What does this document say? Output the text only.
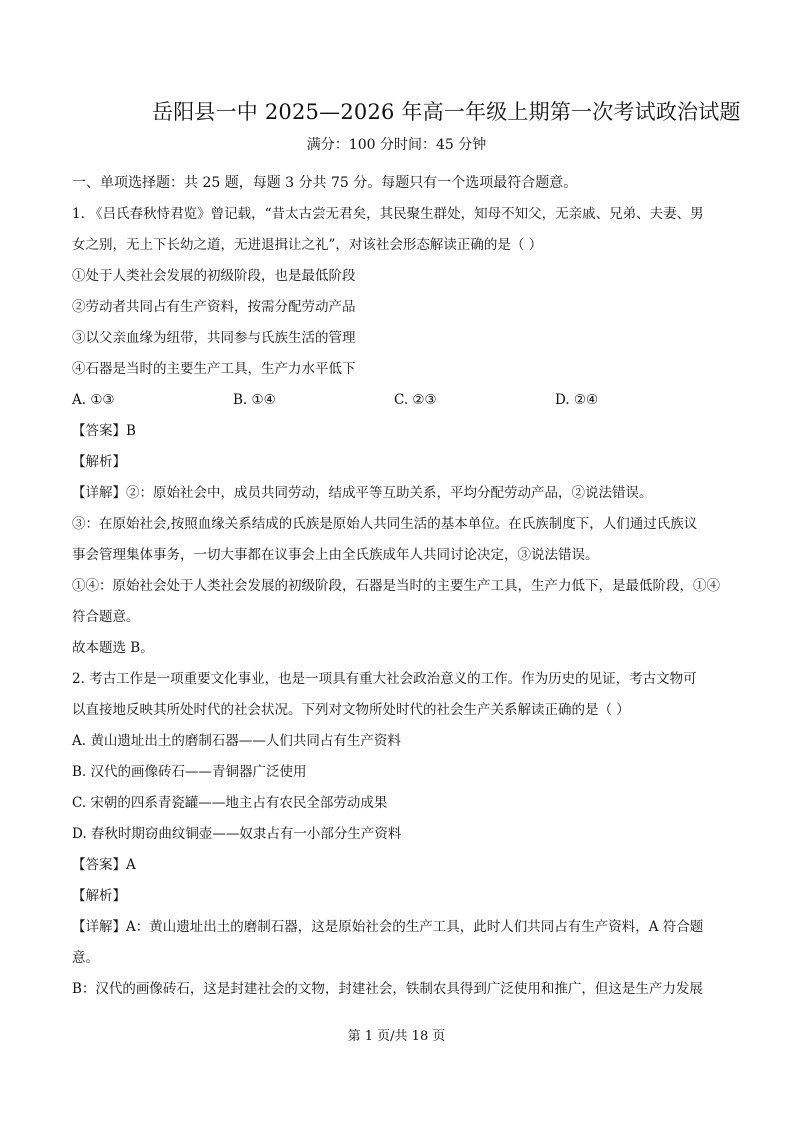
岳阳县一中 2025—2026 年高一年级上期第一次考试政治试题
满分：100 分时间：45 分钟
一、单项选择题：共 25 题，每题 3 分共 75 分。每题只有一个选项最符合题意。
1. 《吕氏春秋恃君览》曾记载，“昔太古尝无君矣，其民聚生群处，知母不知父，无亲戚、兄弟、夫妻、男
女之别，无上下长幼之道，无进退揖让之礼”，对该社会形态解读正确的是（ ）
①处于人类社会发展的初级阶段，也是最低阶段
②劳动者共同占有生产资料，按需分配劳动产品
③以父亲血缘为纽带，共同参与氏族生活的管理
④石器是当时的主要生产工具，生产力水平低下
A. ①③	B. ①④	C. ②③	D. ②④
【答案】B
【解析】
【详解】②：原始社会中，成员共同劳动，结成平等互助关系，平均分配劳动产品，②说法错误。
③：在原始社会,按照血缘关系结成的氏族是原始人共同生活的基本单位。在氏族制度下，人们通过氏族议
事会管理集体事务，一切大事都在议事会上由全氏族成年人共同讨论决定，③说法错误。
①④：原始社会处于人类社会发展的初级阶段，石器是当时的主要生产工具，生产力低下，是最低阶段，①④
符合题意。
故本题选 B。
2. 考古工作是一项重要文化事业，也是一项具有重大社会政治意义的工作。作为历史的见证，考古文物可
以直接地反映其所处时代的社会状况。下列对文物所处时代的社会生产关系解读正确的是（ ）
A. 黄山遗址出土的磨制石器——人们共同占有生产资料
B. 汉代的画像砖石——青铜器广泛使用
C. 宋朝的四系青瓷罐——地主占有农民全部劳动成果
D. 春秋时期窃曲纹铜壶——奴隶占有一小部分生产资料
【答案】A
【解析】
【详解】A：黄山遗址出土的磨制石器，这是原始社会的生产工具，此时人们共同占有生产资料，A 符合题
意。
B：汉代的画像砖石，这是封建社会的文物，封建社会，铁制农具得到广泛使用和推广，但这是生产力发展
第 1 页/共 18 页
